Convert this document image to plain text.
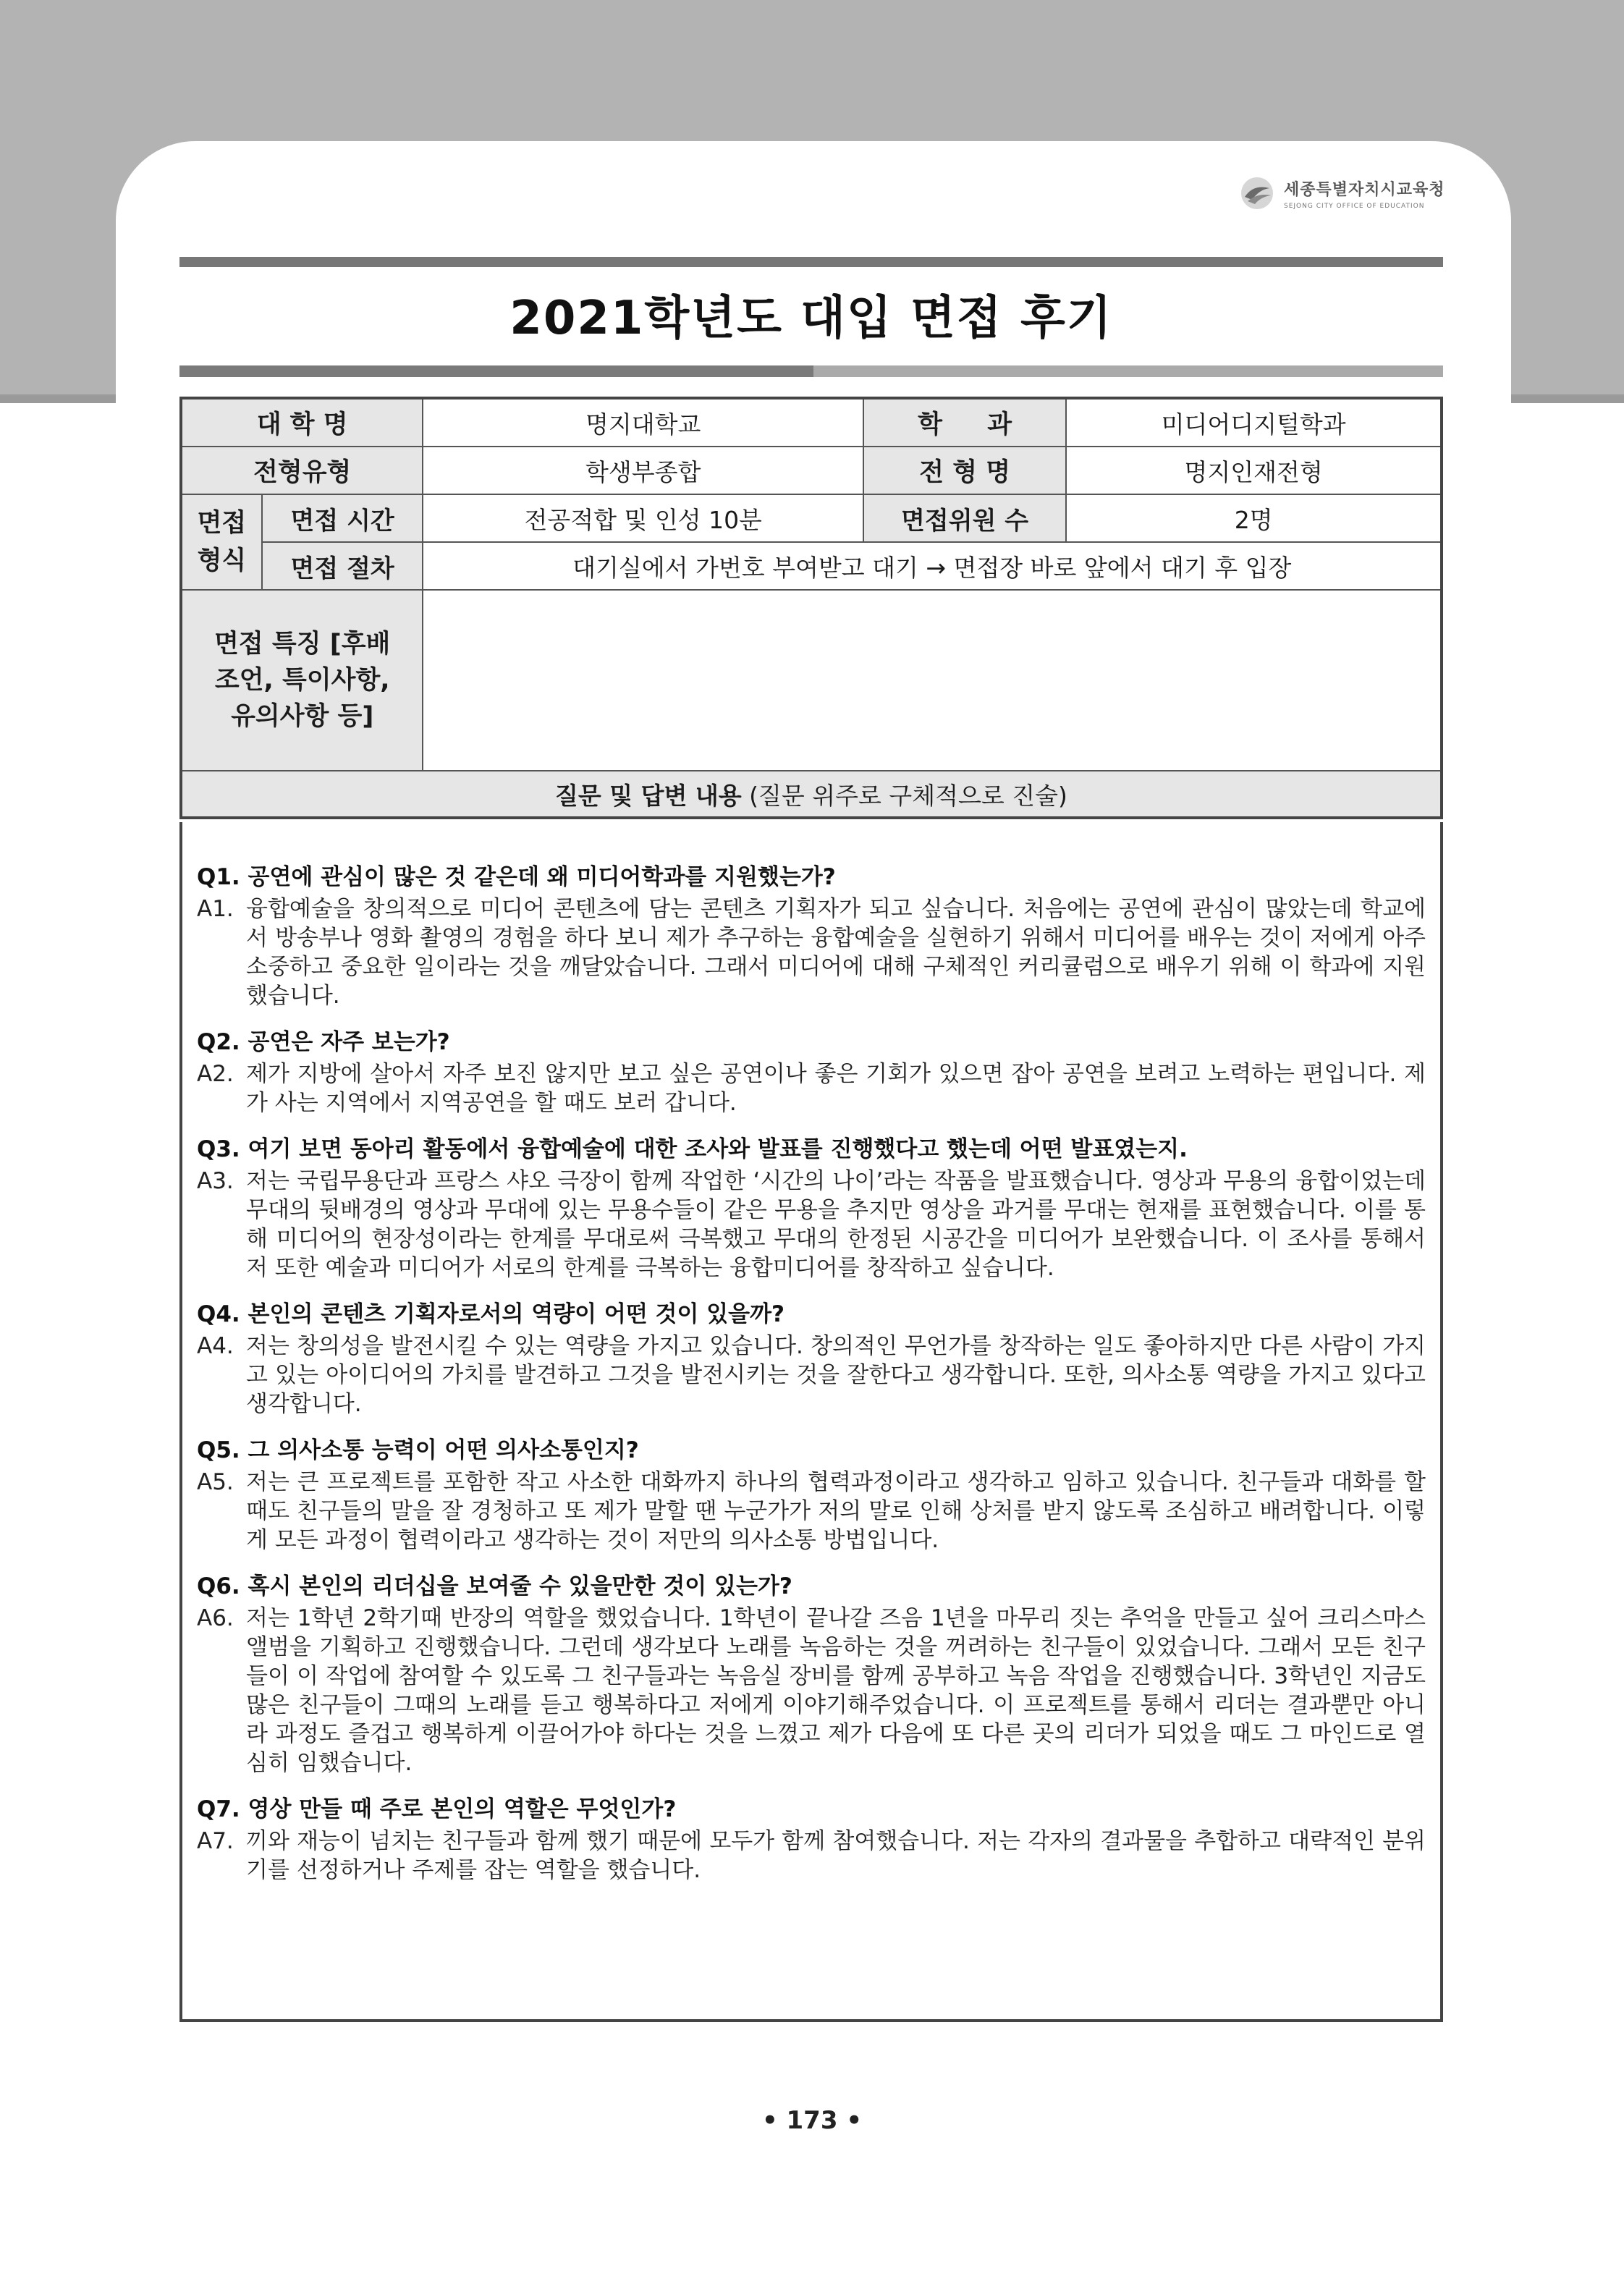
세종특별자치시교육청
SEJONG CITY OFFICE OF EDUCATION
2021학년도 대입 면접 후기
대 학 명		명지대학교	학 과	미디어디지털학과
전형유형		학생부종합	전 형 명	명지인재전형
면접 형식	면접 시간	전공적합 및 인성 10분	면접위원 수	2명
	면접 절차	대기실에서 가번호 부여받고 대기 → 면접장 바로 앞에서 대기 후 입장		
면접 특징 [후배조언, 특이사항, 유의사항 등]				
질문 및 답변 내용 (질문 위주로 구체적으로 진술)				
Q1. 공연에 관심이 많은 것 같은데 왜 미디어학과를 지원했는가?
A1. 융합예술을 창의적으로 미디어 콘텐츠에 담는 콘텐츠 기획자가 되고 싶습니다. 처음에는 공연에 관심이 많았는데 학교에서 방송부나 영화 촬영의 경험을 하다 보니 제가 추구하는 융합예술을 실현하기 위해서 미디어를 배우는 것이 저에게 아주 소중하고 중요한 일이라는 것을 깨달았습니다. 그래서 미디어에 대해 구체적인 커리큘럼으로 배우기 위해 이 학과에 지원했습니다.
Q2. 공연은 자주 보는가?
A2. 제가 지방에 살아서 자주 보진 않지만 보고 싶은 공연이나 좋은 기회가 있으면 잡아 공연을 보려고 노력하는 편입니다. 제가 사는 지역에서 지역공연을 할 때도 보러 갑니다.
Q3. 여기 보면 동아리 활동에서 융합예술에 대한 조사와 발표를 진행했다고 했는데 어떤 발표였는지.
A3. 저는 국립무용단과 프랑스 샤오 극장이 함께 작업한 ‘시간의 나이’라는 작품을 발표했습니다. 영상과 무용의 융합이었는데 무대의 뒷배경의 영상과 무대에 있는 무용수들이 같은 무용을 추지만 영상을 과거를 무대는 현재를 표현했습니다. 이를 통해 미디어의 현장성이라는 한계를 무대로써 극복했고 무대의 한정된 시공간을 미디어가 보완했습니다. 이 조사를 통해서 저 또한 예술과 미디어가 서로의 한계를 극복하는 융합미디어를 창작하고 싶습니다.
Q4. 본인의 콘텐츠 기획자로서의 역량이 어떤 것이 있을까?
A4. 저는 창의성을 발전시킬 수 있는 역량을 가지고 있습니다. 창의적인 무언가를 창작하는 일도 좋아하지만 다른 사람이 가지고 있는 아이디어의 가치를 발견하고 그것을 발전시키는 것을 잘한다고 생각합니다. 또한, 의사소통 역량을 가지고 있다고 생각합니다.
Q5. 그 의사소통 능력이 어떤 의사소통인지?
A5. 저는 큰 프로젝트를 포함한 작고 사소한 대화까지 하나의 협력과정이라고 생각하고 임하고 있습니다. 친구들과 대화를 할 때도 친구들의 말을 잘 경청하고 또 제가 말할 땐 누군가가 저의 말로 인해 상처를 받지 않도록 조심하고 배려합니다. 이렇게 모든 과정이 협력이라고 생각하는 것이 저만의 의사소통 방법입니다.
Q6. 혹시 본인의 리더십을 보여줄 수 있을만한 것이 있는가?
A6. 저는 1학년 2학기때 반장의 역할을 했었습니다. 1학년이 끝나갈 즈음 1년을 마무리 짓는 추억을 만들고 싶어 크리스마스 앨범을 기획하고 진행했습니다. 그런데 생각보다 노래를 녹음하는 것을 꺼려하는 친구들이 있었습니다. 그래서 모든 친구들이 이 작업에 참여할 수 있도록 그 친구들과는 녹음실 장비를 함께 공부하고 녹음 작업을 진행했습니다. 3학년인 지금도 많은 친구들이 그때의 노래를 듣고 행복하다고 저에게 이야기해주었습니다. 이 프로젝트를 통해서 리더는 결과뿐만 아니라 과정도 즐겁고 행복하게 이끌어가야 하다는 것을 느꼈고 제가 다음에 또 다른 곳의 리더가 되었을 때도 그 마인드로 열심히 임했습니다.
Q7. 영상 만들 때 주로 본인의 역할은 무엇인가?
A7. 끼와 재능이 넘치는 친구들과 함께 했기 때문에 모두가 함께 참여했습니다. 저는 각자의 결과물을 추합하고 대략적인 분위기를 선정하거나 주제를 잡는 역할을 했습니다.
• 173 •
